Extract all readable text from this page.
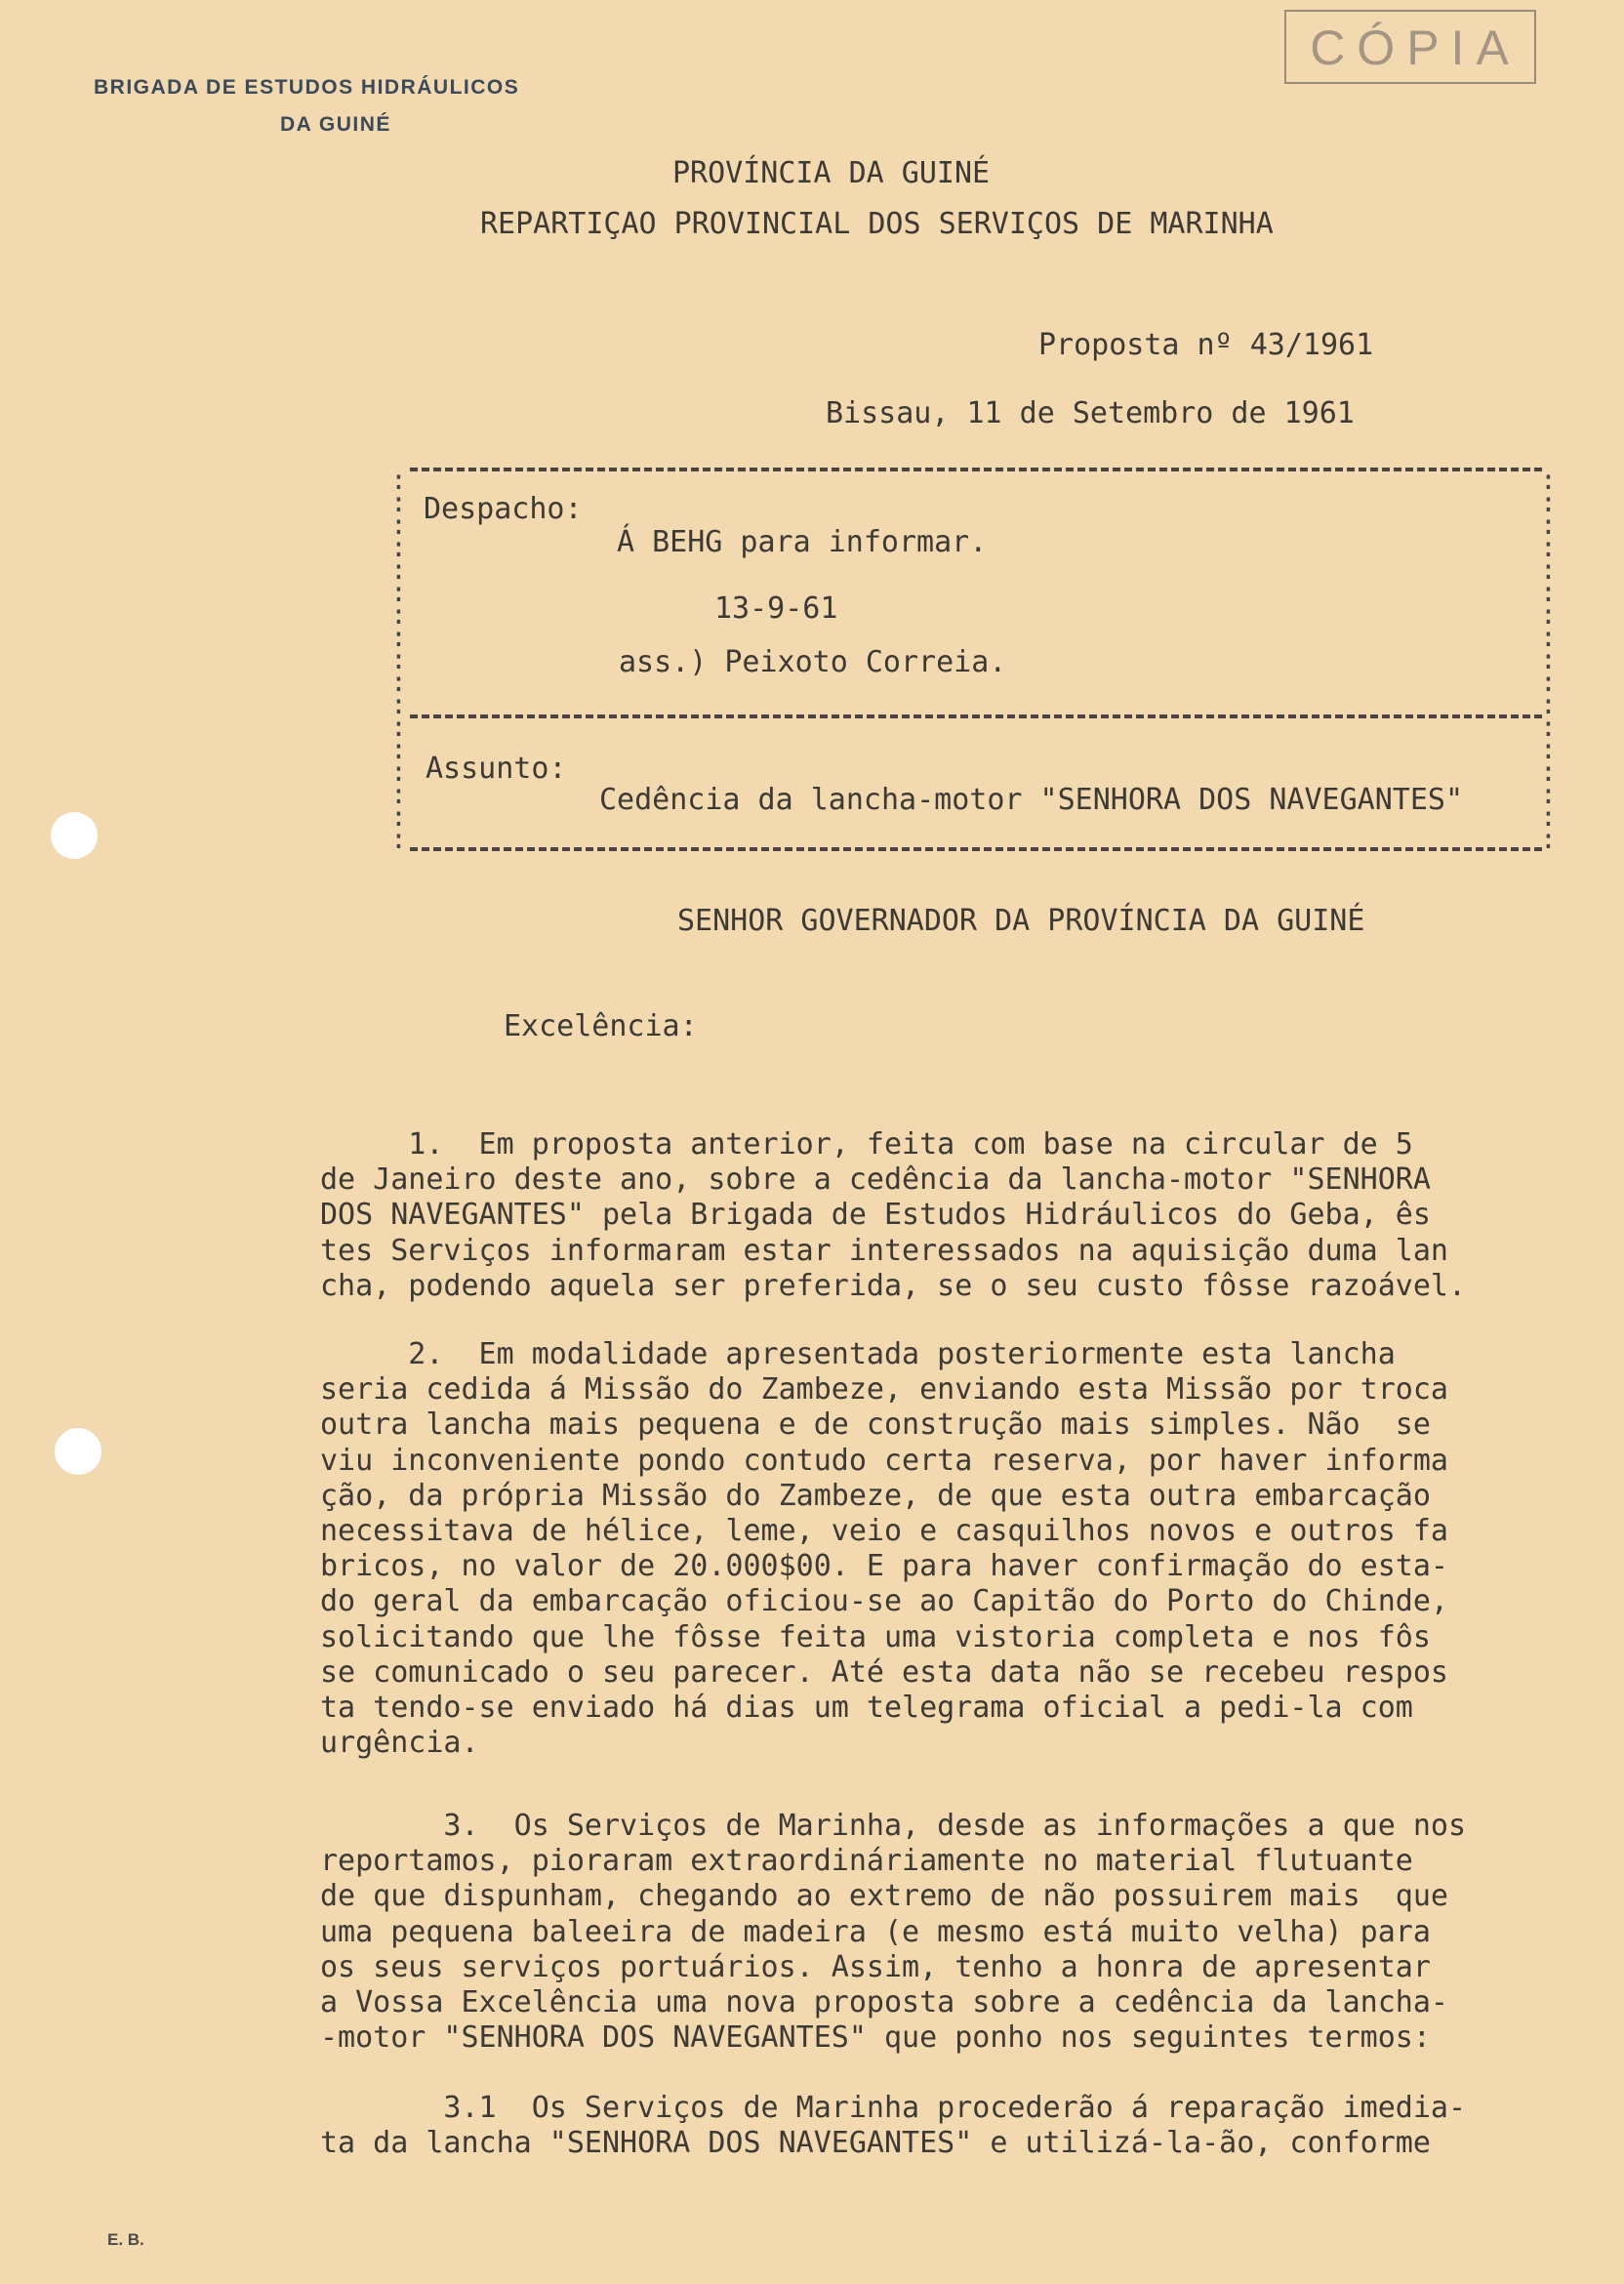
CÓPIA
BRIGADA DE ESTUDOS HIDRÁULICOS
DA GUINÉ
PROVÍNCIA DA GUINÉ
REPARTIÇAO PROVINCIAL DOS SERVIÇOS DE MARINHA
Proposta nº 43/1961
Bissau, 11 de Setembro de 1961
:
:
:
:
:
:
:
:
:
:
:
:
:
:
:
:
:
:
:
:
:
:
:
:
:
:
:
:
:
:
:
:
:
:
Despacho:
Á BEHG para informar.
13-9-61
ass.) Peixoto Correia.
Assunto:
Cedência da lancha-motor "SENHORA DOS NAVEGANTES"
SENHOR GOVERNADOR DA PROVÍNCIA DA GUINÉ
Excelência:
1.  Em proposta anterior, feita com base na circular de 5
de Janeiro deste ano, sobre a cedência da lancha-motor "SENHORA
DOS NAVEGANTES" pela Brigada de Estudos Hidráulicos do Geba, ês
tes Serviços informaram estar interessados na aquisição duma lan
cha, podendo aquela ser preferida, se o seu custo fôsse razoável.
2.  Em modalidade apresentada posteriormente esta lancha
seria cedida á Missão do Zambeze, enviando esta Missão por troca
outra lancha mais pequena e de construção mais simples. Não  se
viu inconveniente pondo contudo certa reserva, por haver informa
ção, da própria Missão do Zambeze, de que esta outra embarcação
necessitava de hélice, leme, veio e casquilhos novos e outros fa
bricos, no valor de 20.000$00. E para haver confirmação do esta-
do geral da embarcação oficiou-se ao Capitão do Porto do Chinde,
solicitando que lhe fôsse feita uma vistoria completa e nos fôs
se comunicado o seu parecer. Até esta data não se recebeu respos
ta tendo-se enviado há dias um telegrama oficial a pedi-la com
urgência.
3.  Os Serviços de Marinha, desde as informações a que nos
reportamos, pioraram extraordináriamente no material flutuante
de que dispunham, chegando ao extremo de não possuirem mais  que
uma pequena baleeira de madeira (e mesmo está muito velha) para
os seus serviços portuários. Assim, tenho a honra de apresentar
a Vossa Excelência uma nova proposta sobre a cedência da lancha-
-motor "SENHORA DOS NAVEGANTES" que ponho nos seguintes termos:
3.1  Os Serviços de Marinha procederão á reparação imedia-
ta da lancha "SENHORA DOS NAVEGANTES" e utilizá-la-ão, conforme
E. B.
